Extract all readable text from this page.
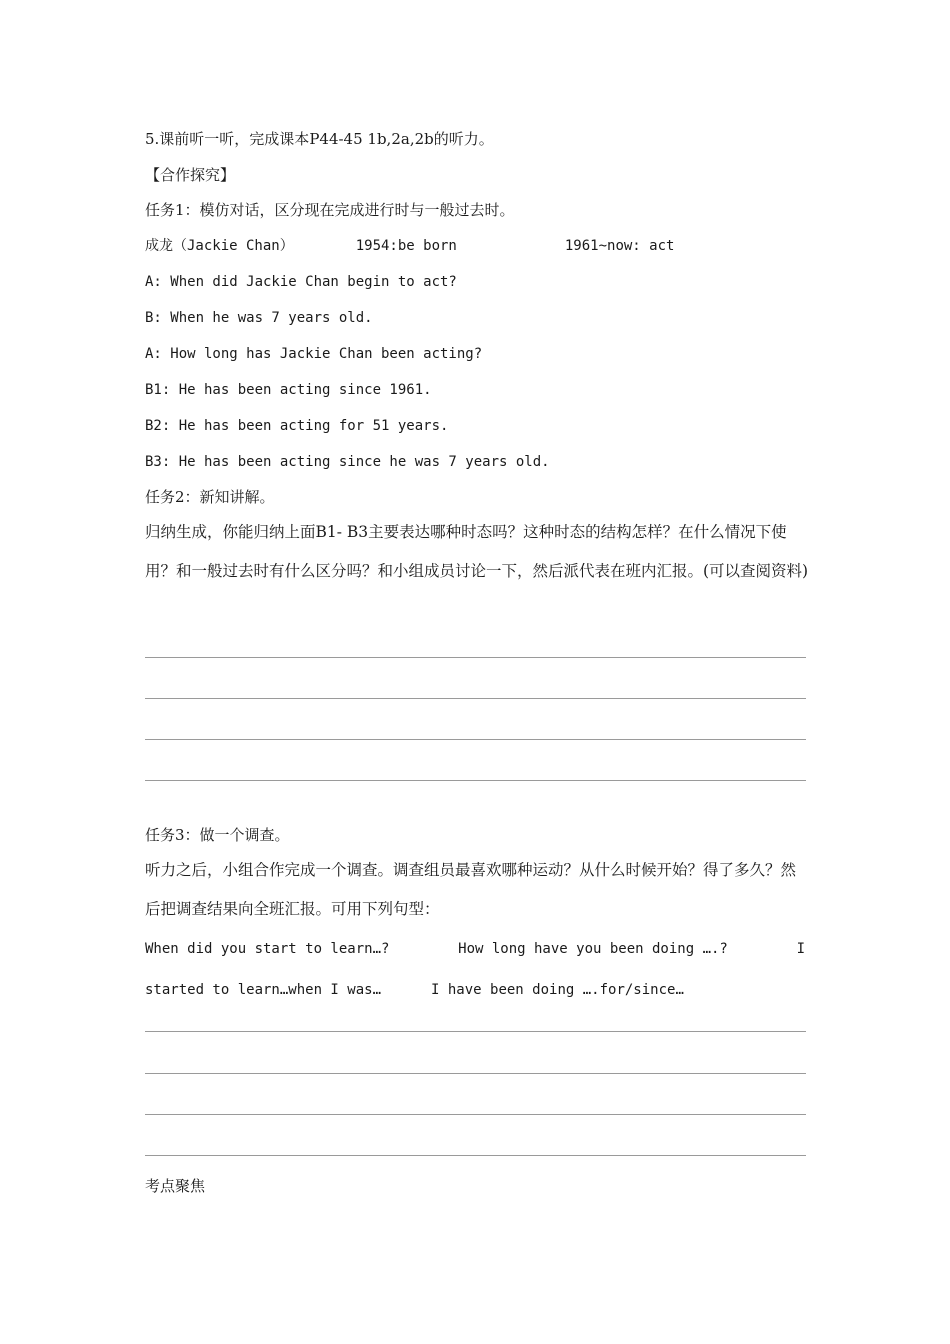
5.课前听一听，完成课本P44-45 1b,2a,2b的听力。
【合作探究】
任务1：模仿对话，区分现在完成进行时与一般过去时。
成龙（Jackie Chan）	1954:be born	1961~now: act
A: When did Jackie Chan begin to act?
B: When he was 7 years old.
A: How long has Jackie Chan been acting?
B1: He has been acting since 1961.
B2: He has been acting for 51 years.
B3: He has been acting since he was 7 years old.
任务2：新知讲解。
归纳生成，你能归纳上面B1- B3主要表达哪种时态吗？这种时态的结构怎样？在什么情况下使用？和一般过去时有什么区分吗？和小组成员讨论一下，然后派代表在班内汇报。(可以查阅资料)
任务3：做一个调查。
听力之后，小组合作完成一个调查。调查组员最喜欢哪种运动？从什么时候开始？得了多久？然后把调查结果向全班汇报。可用下列句型：
When did you start to learn…?	How long have you been doing ….?	I
started to learn…when I was…	I have been doing ….for/since…
考点聚焦
